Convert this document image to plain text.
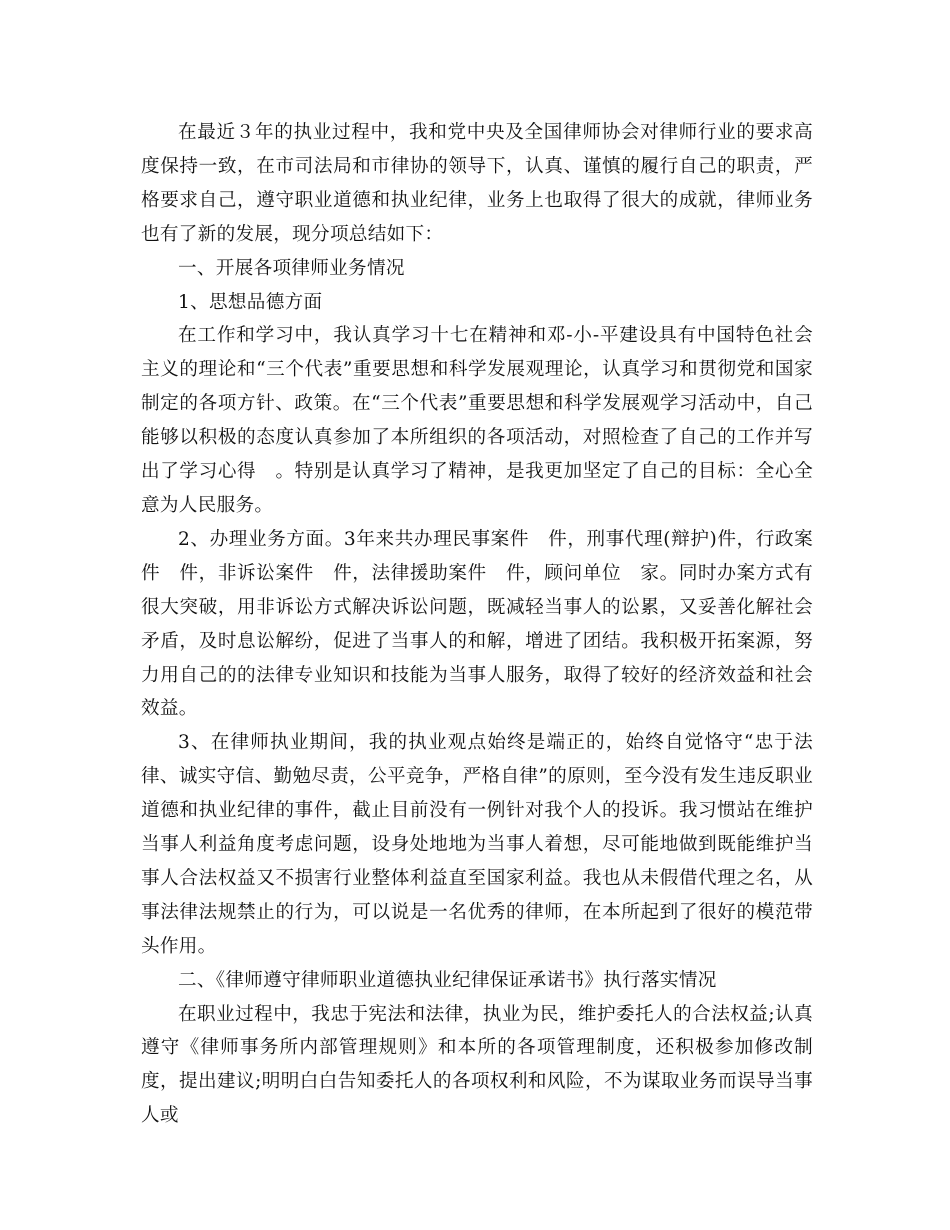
在最近３年的执业过程中，我和党中央及全国律师协会对律师行业的要求高度保持一致，在市司法局和市律协的领导下，认真、谨慎的履行自己的职责，严格要求自己，遵守职业道德和执业纪律，业务上也取得了很大的成就，律师业务也有了新的发展，现分项总结如下：

一、开展各项律师业务情况

1、思想品德方面

在工作和学习中，我认真学习十七在精神和邓-小-平建设具有中国特色社会主义的理论和“三个代表”重要思想和科学发展观理论，认真学习和贯彻党和国家制定的各项方针、政策。在“三个代表”重要思想和科学发展观学习活动中，自己能够以积极的态度认真参加了本所组织的各项活动，对照检查了自己的工作并写出了学习心得　。特别是认真学习了精神，是我更加坚定了自己的目标：全心全意为人民服务。

2、办理业务方面。3年来共办理民事案件　件，刑事代理(辩护)件，行政案件　件，非诉讼案件　件，法律援助案件　件，顾问单位　家。同时办案方式有很大突破，用非诉讼方式解决诉讼问题，既减轻当事人的讼累，又妥善化解社会矛盾，及时息讼解纷，促进了当事人的和解，增进了团结。我积极开拓案源，努力用自己的的法律专业知识和技能为当事人服务，取得了较好的经济效益和社会效益。

3、在律师执业期间，我的执业观点始终是端正的，始终自觉恪守“忠于法律、诚实守信、勤勉尽责，公平竞争，严格自律”的原则，至今没有发生违反职业道德和执业纪律的事件，截止目前没有一例针对我个人的投诉。我习惯站在维护当事人利益角度考虑问题，设身处地地为当事人着想，尽可能地做到既能维护当事人合法权益又不损害行业整体利益直至国家利益。我也从未假借代理之名，从事法律法规禁止的行为，可以说是一名优秀的律师，在本所起到了很好的模范带头作用。

二、《律师遵守律师职业道德执业纪律保证承诺书》执行落实情况

在职业过程中，我忠于宪法和法律，执业为民，维护委托人的合法权益;认真遵守《律师事务所内部管理规则》和本所的各项管理制度，还积极参加修改制度，提出建议;明明白白告知委托人的各项权利和风险，不为谋取业务而误导当事人或
